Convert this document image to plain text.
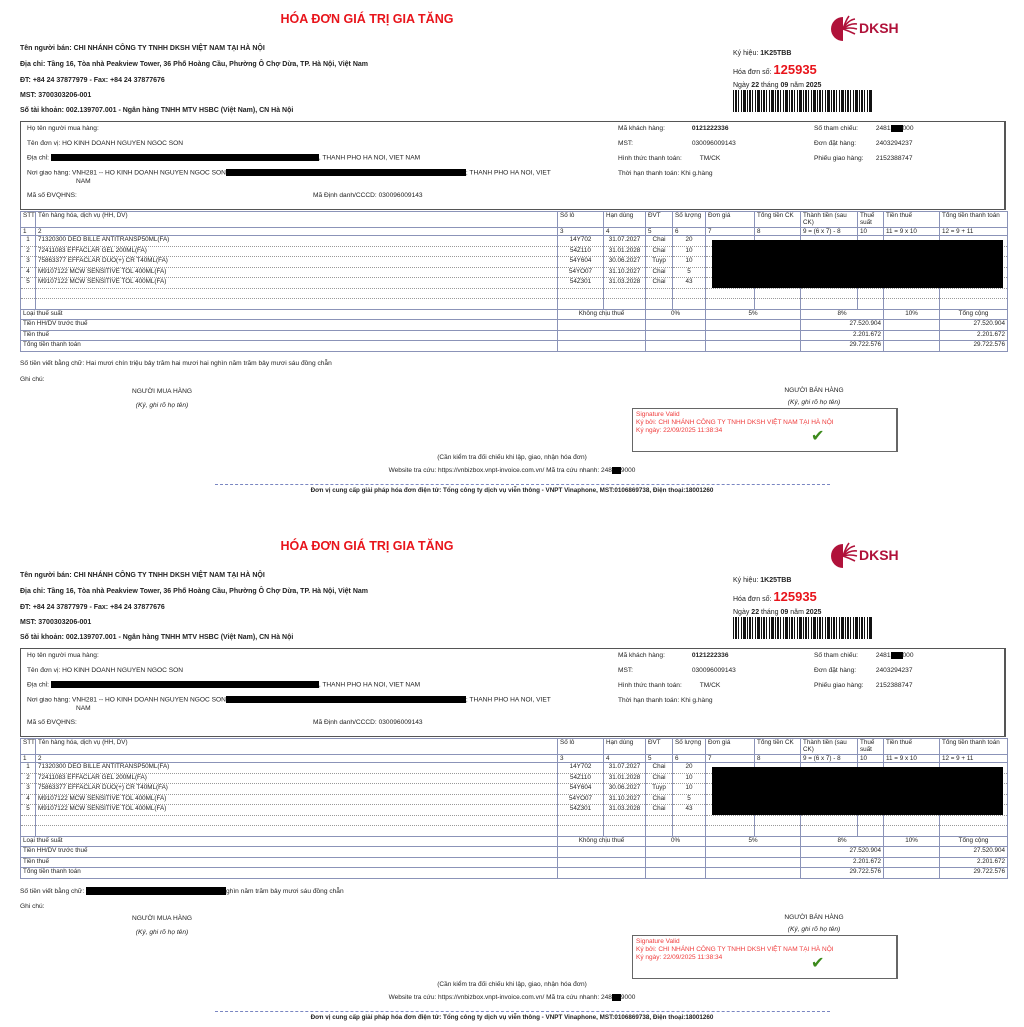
HÓA ĐƠN GIÁ TRỊ GIA TĂNG
Tên người bán: CHI NHÁNH CÔNG TY TNHH DKSH VIỆT NAM TẠI HÀ NỘI
Địa chỉ: Tầng 16, Tòa nhà Peakview Tower, 36 Phố Hoàng Cầu, Phường Ô Chợ Dừa, TP. Hà Nội, Việt Nam
ĐT: +84 24 37877979 - Fax: +84 24 37877676
MST: 3700303206-001
Số tài khoản: 002.139707.001 - Ngân hàng TNHH MTV HSBC (Việt Nam), CN Hà Nội
DKSH
Ký hiệu: 1K25TBB
Hóa đơn số: 125935
Ngày 22 tháng 09 năm 2025
Họ tên người mua hàng:
Tên đơn vị: HO KINH DOANH NGUYEN NGOC SON
Địa chỉ:	, THANH PHO HA NOI, VIET NAM
Nơi giao hàng: VNH281 -- HO KINH DOANH NGUYEN NGOC SON	; THANH PHO HA NOI, VIET
NAM
Mã số ĐVQHNS:	Mã Định danh/CCCD: 030096009143
Mã khách hàng:	0121222336
MST:	030096009143
Hình thức thanh toán:	TM/CK
Thời hạn thanh toán: Khi g.hàng
Số tham chiếu:	2481 000
Đơn đặt hàng:	2403294237
Phiếu giao hàng: 2152388747
STT	Tên hàng hóa, dịch vụ (HH, DV)	Số lô	Hạn dùng	ĐVT	Số lượng	Đơn giá	Tổng tiền CK	Thành tiền (sau CK)	Thuế suất	Tiền thuế	Tổng tiền thanh toán
1	2	3	4	5	6	7	8	9 = (6 x 7) - 8	10	11 = 9 x 10	12 = 9 + 11
1	71320300 DEO BILLE ANTITRANSP50ML(FA)	14Y702	31.07.2027	Chai	20						
2	72411083 EFFACLAR GEL 200ML(FA)	54Z110	31.01.2028	Chai	10						
3	75863377 EFFACLAR DUO(+) CR T40ML(FA)	54Y604	30.06.2027	Tuyp	10						
4	M9107122 MCW SENSITIVE TOL 400ML(FA)	54YO07	31.10.2027	Chai	5						
5	M9107122 MCW SENSITIVE TOL 400ML(FA)	54Z301	31.03.2028	Chai	43						

Loại thuế suất		Không chịu thuế		0%		5%		8%		10%	Tổng cộng
Tiền HH/DV trước thuế								27.520.904			27.520.904
Tiền thuế								2.201.672			2.201.672
Tổng tiền thanh toán								29.722.576			29.722.576
Số tiền viết bằng chữ: Hai mươi chín triệu bảy trăm hai mươi hai nghìn năm trăm bảy mươi sáu đồng chẵn
Ghi chú:
NGƯỜI MUA HÀNG
(Ký, ghi rõ họ tên)
NGƯỜI BÁN HÀNG
(Ký, ghi rõ họ tên)
Signature Valid
Ký bởi: CHI NHÁNH CÔNG TY TNHH DKSH VIỆT NAM TẠI HÀ NỘI
Ký ngày: 22/09/2025 11:38:34	✔
(Cần kiểm tra đối chiếu khi lập, giao, nhận hóa đơn)
Website tra cứu: https://vnbizbox.vnpt-invoice.com.vn/ Mã tra cứu nhanh: 248 9000
Đơn vị cung cấp giải pháp hóa đơn điện tử: Tổng công ty dịch vụ viễn thông - VNPT Vinaphone, MST:0106869738, Điện thoại:18001260
HÓA ĐƠN GIÁ TRỊ GIA TĂNG
Tên người bán: CHI NHÁNH CÔNG TY TNHH DKSH VIỆT NAM TẠI HÀ NỘI
Địa chỉ: Tầng 16, Tòa nhà Peakview Tower, 36 Phố Hoàng Cầu, Phường Ô Chợ Dừa, TP. Hà Nội, Việt Nam
ĐT: +84 24 37877979 - Fax: +84 24 37877676
MST: 3700303206-001
Số tài khoản: 002.139707.001 - Ngân hàng TNHH MTV HSBC (Việt Nam), CN Hà Nội
DKSH
Ký hiệu: 1K25TBB
Hóa đơn số: 125935
Ngày 22 tháng 09 năm 2025
Họ tên người mua hàng:
Tên đơn vị: HO KINH DOANH NGUYEN NGOC SON
Địa chỉ:	, THANH PHO HA NOI, VIET NAM
Nơi giao hàng: VNH281 -- HO KINH DOANH NGUYEN NGOC SON	; THANH PHO HA NOI, VIET
NAM
Mã số ĐVQHNS:	Mã Định danh/CCCD: 030096009143
Mã khách hàng:	0121222336
MST:	030096009143
Hình thức thanh toán:	TM/CK
Thời hạn thanh toán: Khi g.hàng
Số tham chiếu:	2481 000
Đơn đặt hàng:	2403294237
Phiếu giao hàng: 2152388747
STT	Tên hàng hóa, dịch vụ (HH, DV)	Số lô	Hạn dùng	ĐVT	Số lượng	Đơn giá	Tổng tiền CK	Thành tiền (sau CK)	Thuế suất	Tiền thuế	Tổng tiền thanh toán
1	2	3	4	5	6	7	8	9 = (6 x 7) - 8	10	11 = 9 x 10	12 = 9 + 11
1	71320300 DEO BILLE ANTITRANSP50ML(FA)	14Y702	31.07.2027	Chai	20						
2	72411083 EFFACLAR GEL 200ML(FA)	54Z110	31.01.2028	Chai	10						
3	75863377 EFFACLAR DUO(+) CR T40ML(FA)	54Y604	30.06.2027	Tuyp	10						
4	M9107122 MCW SENSITIVE TOL 400ML(FA)	54YO07	31.10.2027	Chai	5						
5	M9107122 MCW SENSITIVE TOL 400ML(FA)	54Z301	31.03.2028	Chai	43						

Loại thuế suất		Không chịu thuế		0%		5%		8%		10%	Tổng cộng
Tiền HH/DV trước thuế								27.520.904			27.520.904
Tiền thuế								2.201.672			2.201.672
Tổng tiền thanh toán								29.722.576			29.722.576
Số tiền viết bằng chữ:	ghìn năm trăm bảy mươi sáu đồng chẵn
Ghi chú:
NGƯỜI MUA HÀNG
(Ký, ghi rõ họ tên)
NGƯỜI BÁN HÀNG
(Ký, ghi rõ họ tên)
Signature Valid
Ký bởi: CHI NHÁNH CÔNG TY TNHH DKSH VIỆT NAM TẠI HÀ NỘI
Ký ngày: 22/09/2025 11:38:34	✔
(Cần kiểm tra đối chiếu khi lập, giao, nhận hóa đơn)
Website tra cứu: https://vnbizbox.vnpt-invoice.com.vn/ Mã tra cứu nhanh: 248 9000
Đơn vị cung cấp giải pháp hóa đơn điện tử: Tổng công ty dịch vụ viễn thông - VNPT Vinaphone, MST:0106869738, Điện thoại:18001260
